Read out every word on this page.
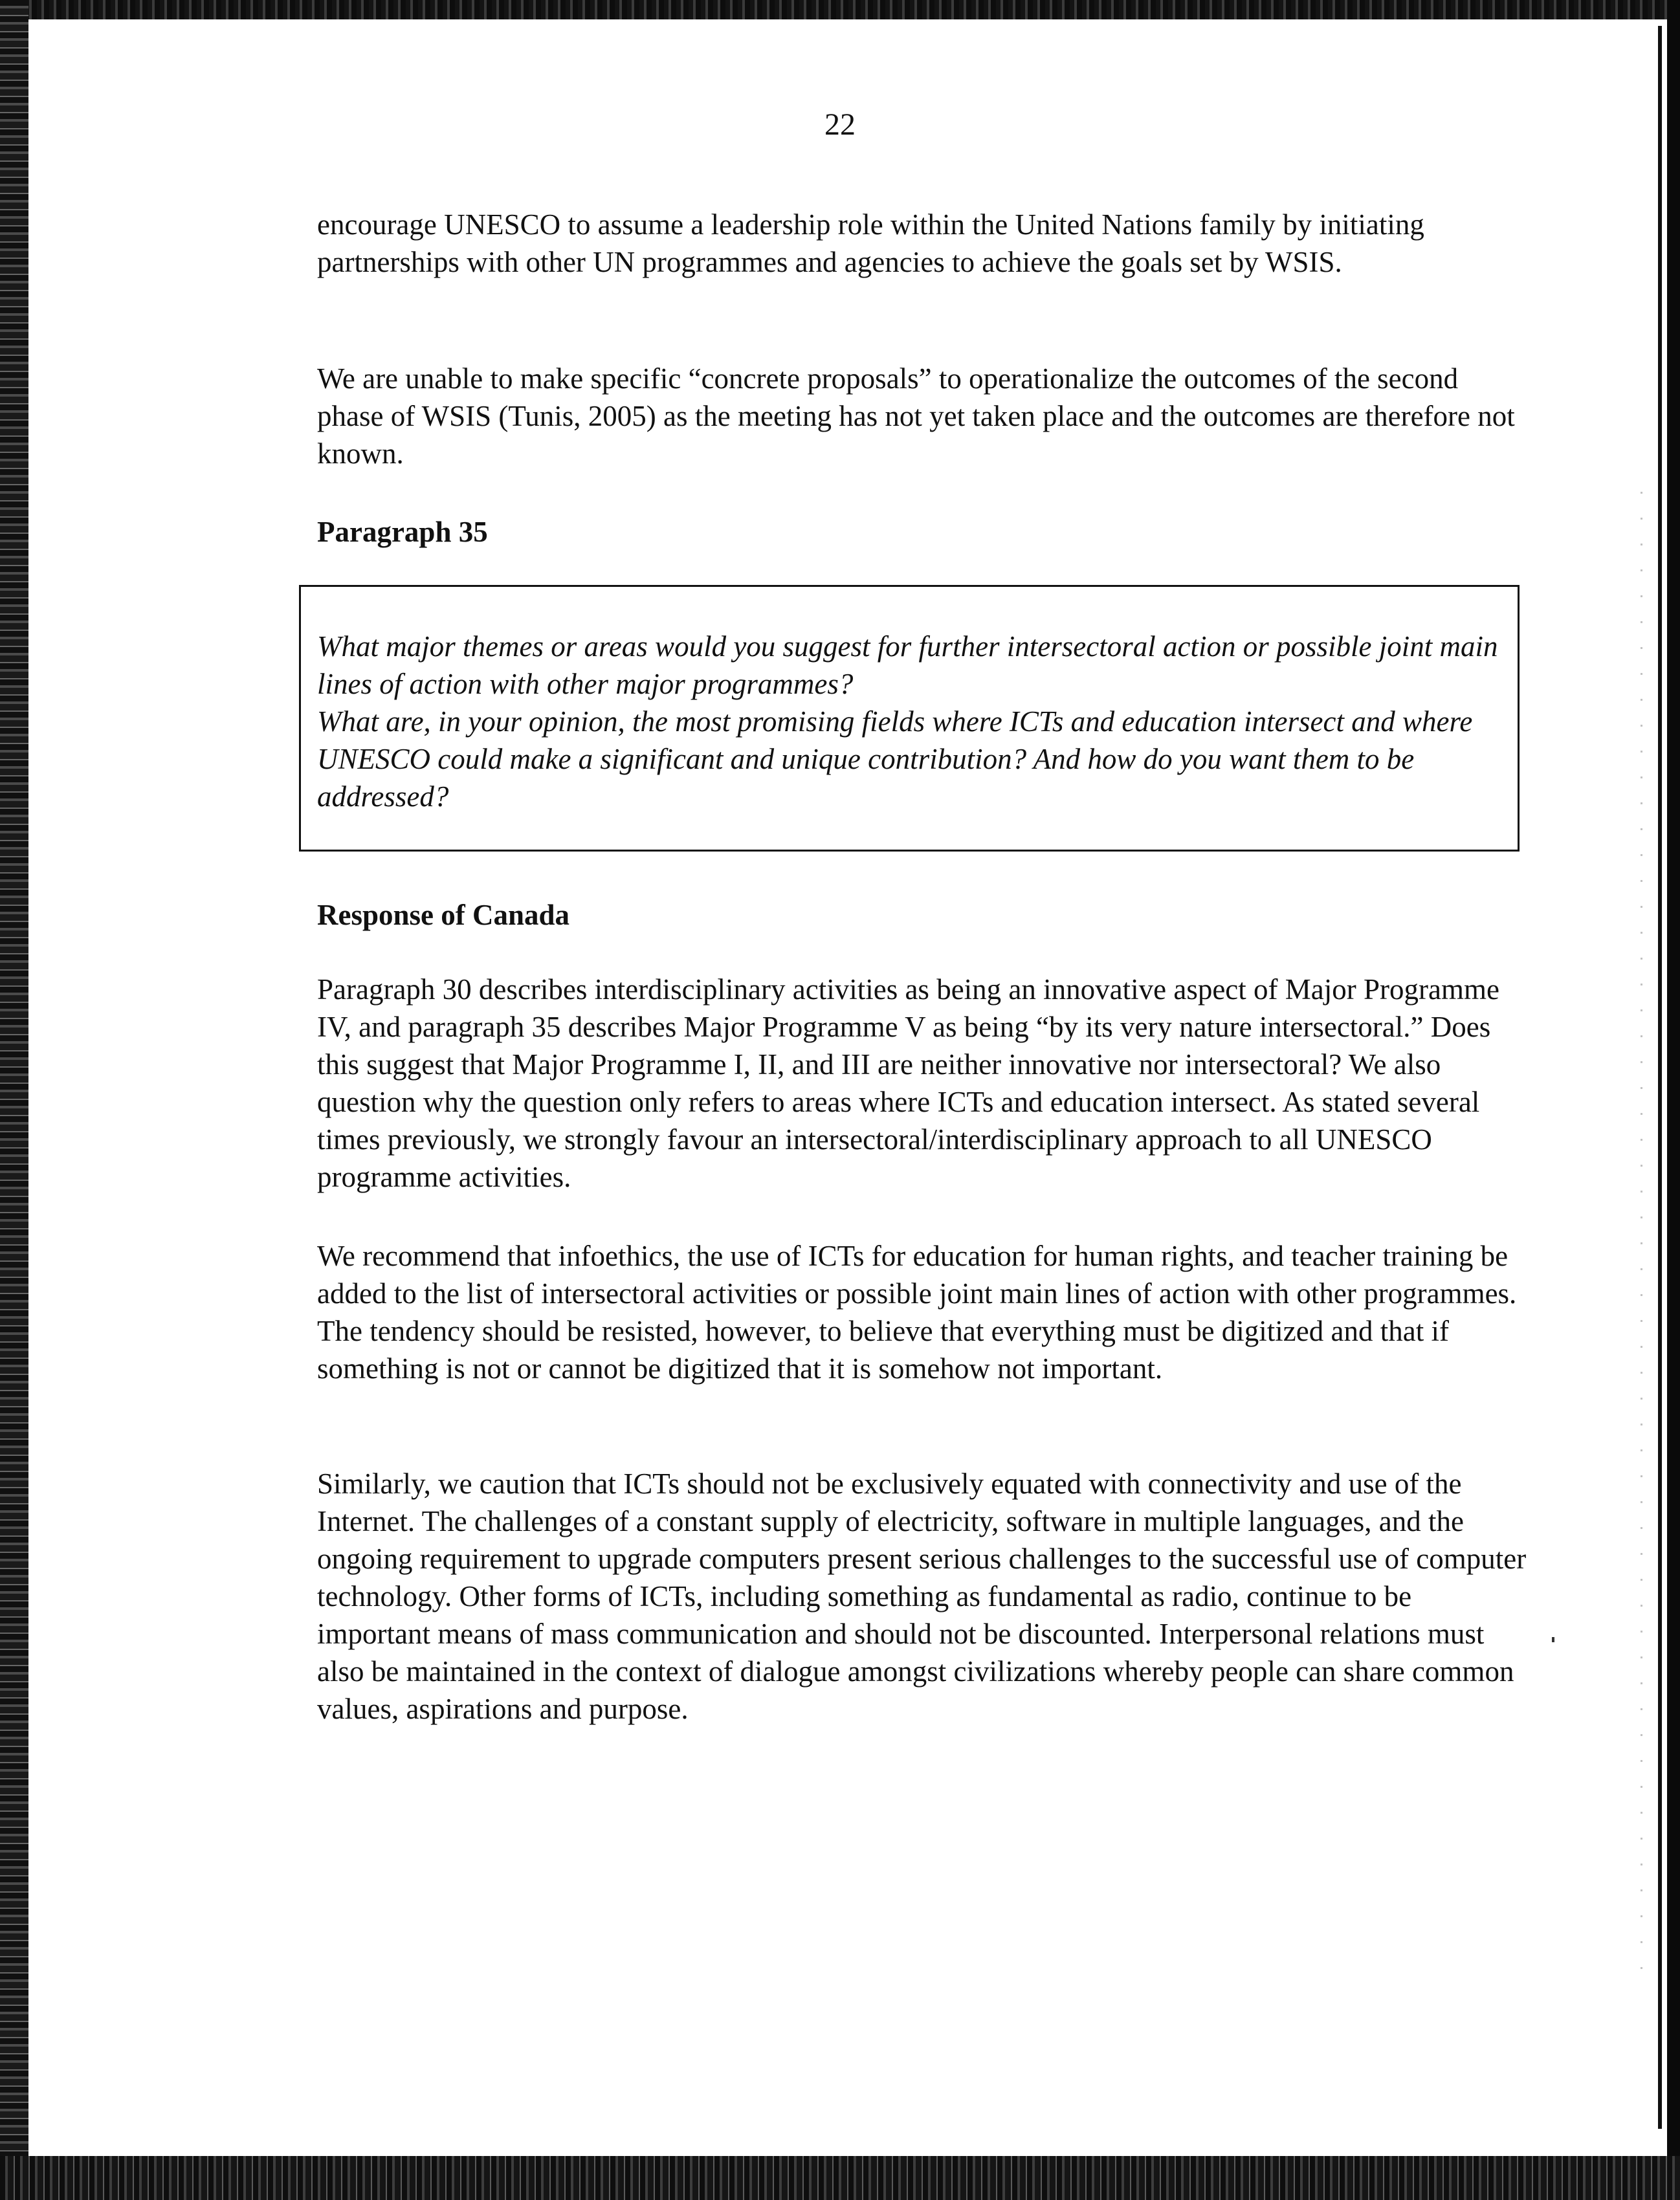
22
encourage UNESCO to assume a leadership role within the United Nations family by initiating partnerships with other UN programmes and agencies to achieve the goals set by WSIS.
We are unable to make specific “concrete proposals” to operationalize the outcomes of the second phase of WSIS (Tunis, 2005) as the meeting has not yet taken place and the outcomes are therefore not known.
Paragraph 35

What major themes or areas would you suggest for further intersectoral action or possible joint main lines of action with other major programmes?

What are, in your opinion, the most promising fields where ICTs and education intersect and where UNESCO could make a significant and unique contribution? And how do you want them to be addressed?

Response of Canada
Paragraph 30 describes interdisciplinary activities as being an innovative aspect of Major Programme IV, and paragraph 35 describes Major Programme V as being “by its very nature intersectoral.” Does this suggest that Major Programme I, II, and III are neither innovative nor intersectoral? We also question why the question only refers to areas where ICTs and education intersect. As stated several times previously, we strongly favour an intersectoral/interdisciplinary approach to all UNESCO programme activities.
We recommend that infoethics, the use of ICTs for education for human rights, and teacher training be added to the list of intersectoral activities or possible joint main lines of action with other programmes. The tendency should be resisted, however, to believe that everything must be digitized and that if something is not or cannot be digitized that it is somehow not important.
Similarly, we caution that ICTs should not be exclusively equated with connectivity and use of the Internet. The challenges of a constant supply of electricity, software in multiple languages, and the ongoing requirement to upgrade computers present serious challenges to the successful use of computer technology. Other forms of ICTs, including something as fundamental as radio, continue to be important means of mass communication and should not be discounted. Interpersonal relations must also be maintained in the context of dialogue amongst civilizations whereby people can share common values, aspirations and purpose.
